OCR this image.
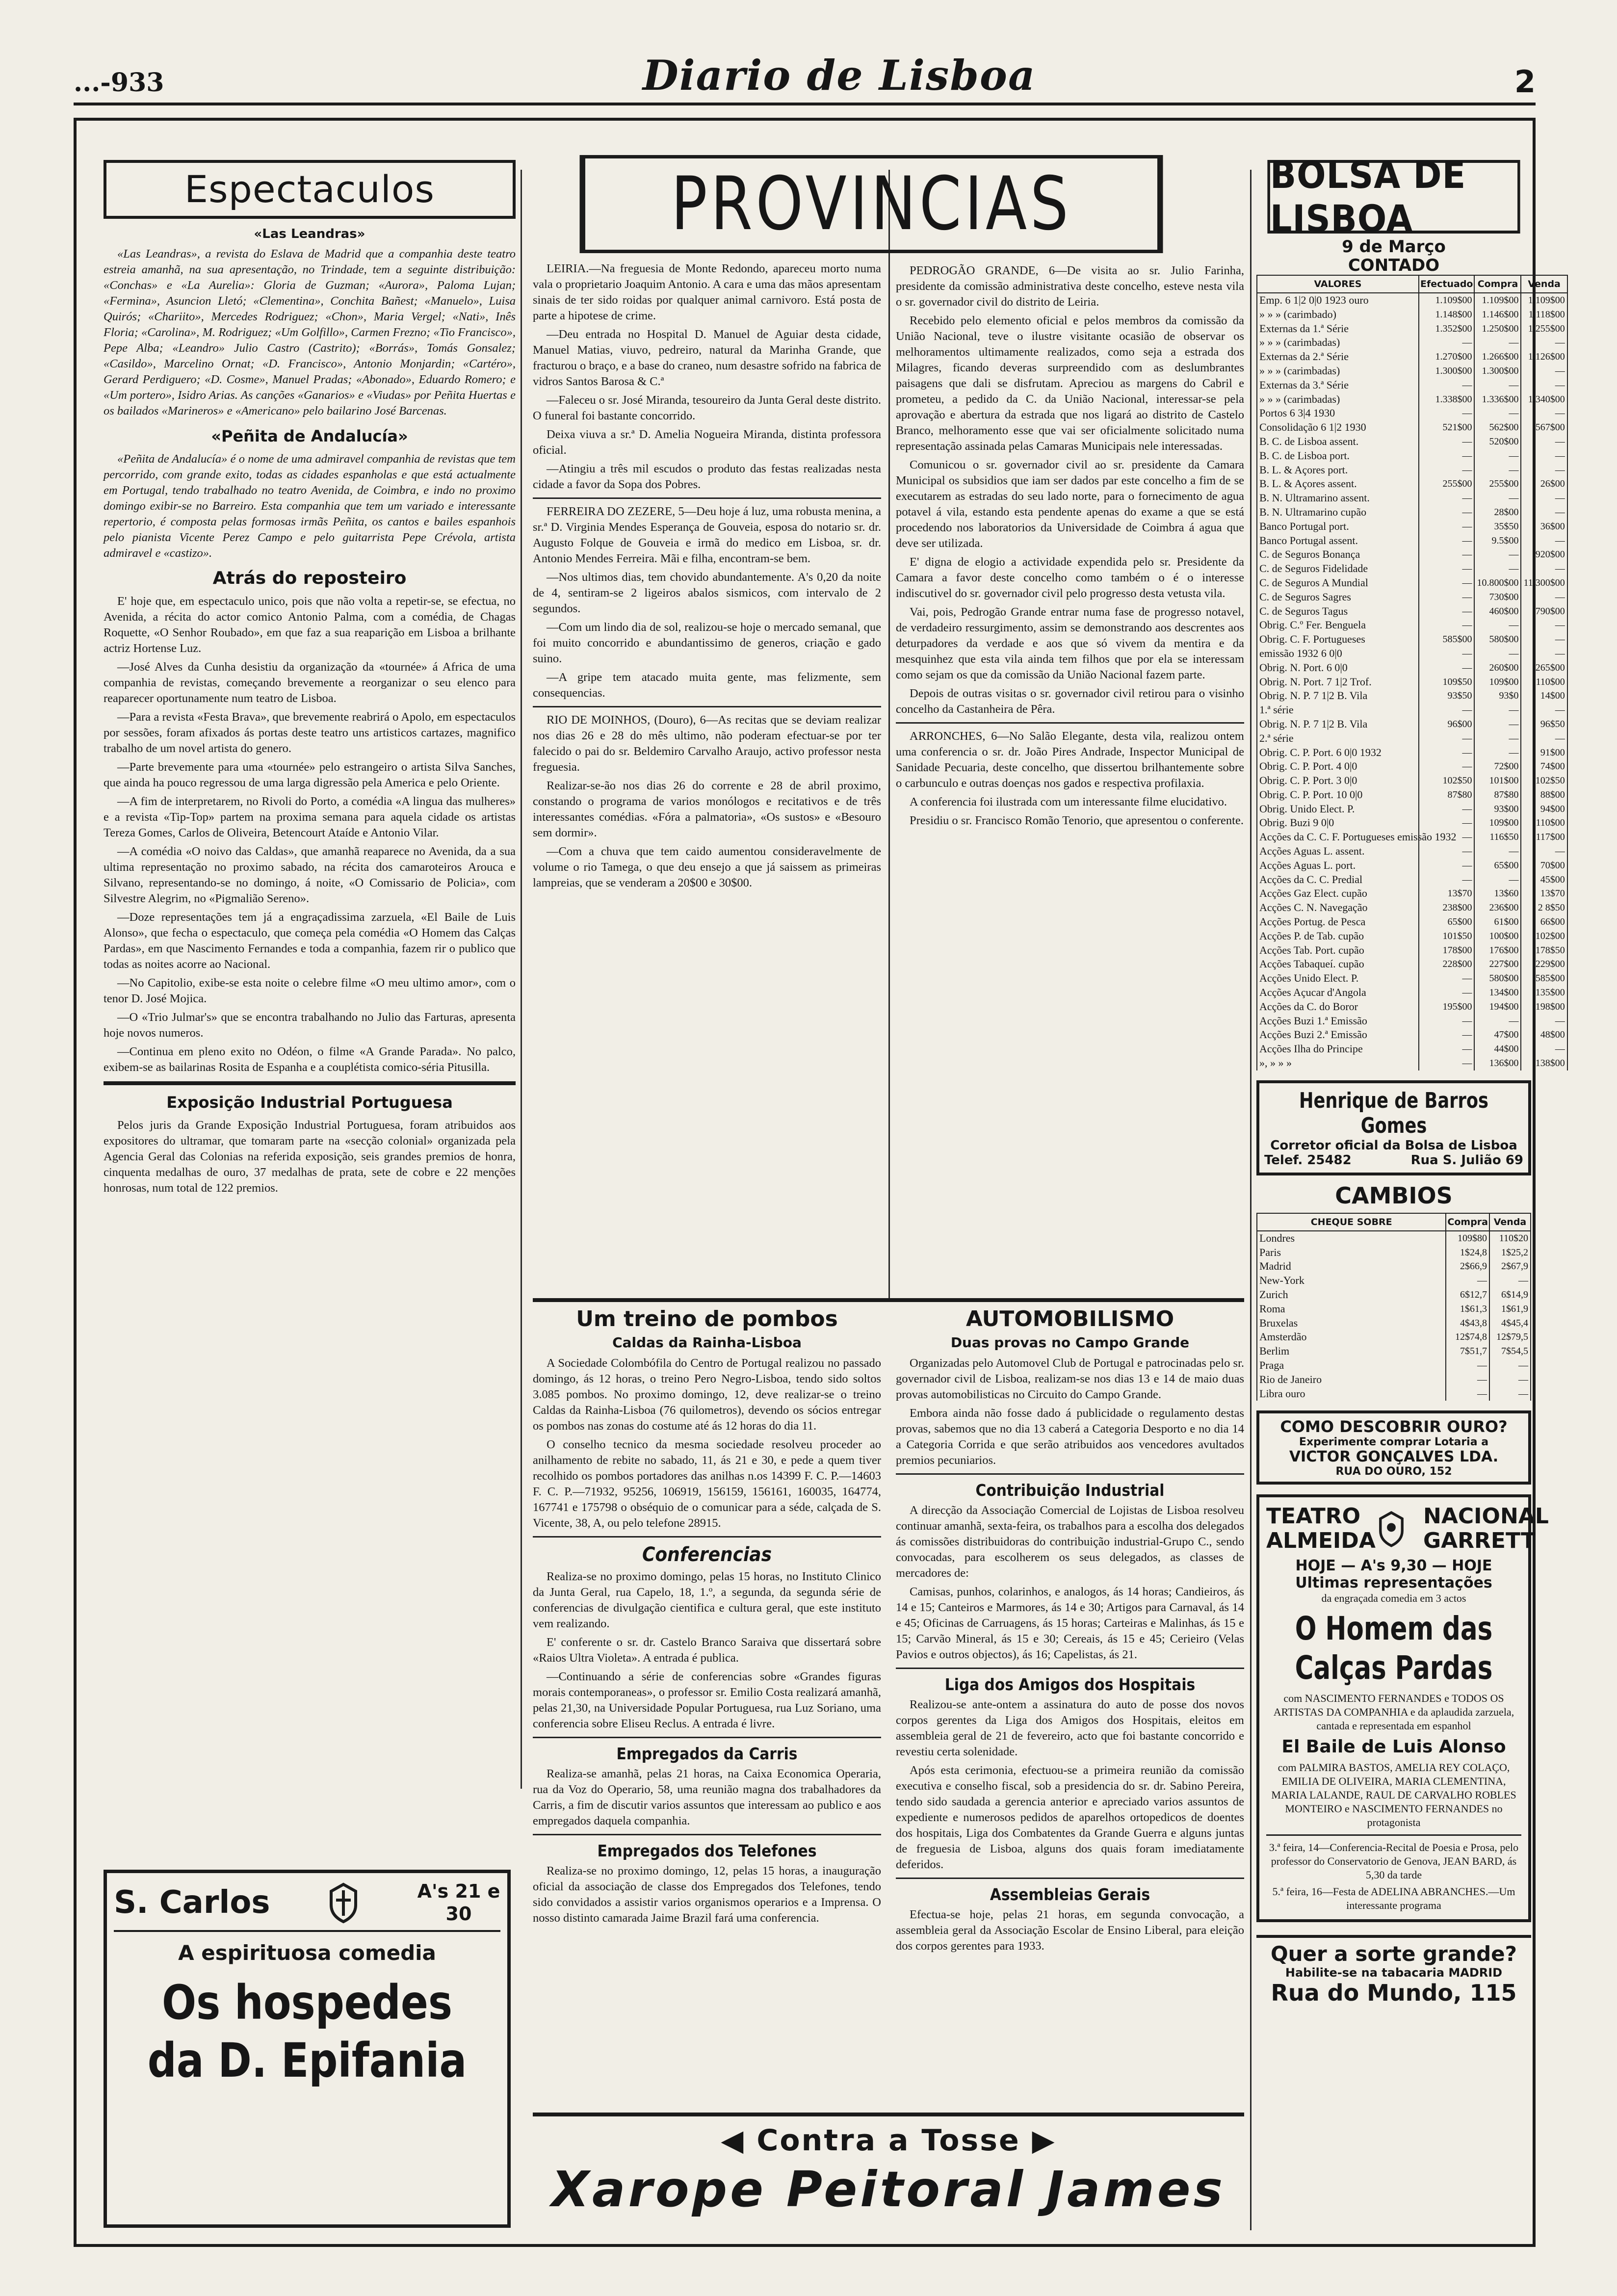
...-933	Diario de Lisboa	2
Espectaculos
«Las Leandras»

«Las Leandras», a revista do Eslava de Madrid que a companhia deste teatro estreia amanhã, na sua apresentação, no Trindade, tem a seguinte distribuição: «Conchas» e «La Aurelia»: Gloria de Guzman; «Aurora», Paloma Lujan; «Fermina», Asuncion Lletó; «Clementina», Conchita Bañest; «Manuelo», Luisa Quirós; «Chariito», Mercedes Rodriguez; «Chon», Maria Vergel; «Nati», Inês Floria; «Carolina», M. Rodriguez; «Um Golfillo», Carmen Frezno; «Tio Francisco», Pepe Alba; «Leandro» Julio Castro (Castrito); «Borrás», Tomás Gonsalez; «Casildo», Marcelino Ornat; «D. Francisco», Antonio Monjardin; «Cartéro», Gerard Perdiguero; «D. Cosme», Manuel Pradas; «Abonado», Eduardo Romero; e «Um portero», Isidro Arias. As canções «Ganarios» e «Viudas» por Peñita Huertas e os bailados «Marineros» e «Americano» pelo bailarino José Barcenas.

«Peñita de Andalucía»

«Peñita de Andalucía» é o nome de uma admiravel companhia de revistas que tem percorrido, com grande exito, todas as cidades espanholas e que está actualmente em Portugal, tendo trabalhado no teatro Avenida, de Coimbra, e indo no proximo domingo exibir-se no Barreiro. Esta companhia que tem um variado e interessante repertorio, é composta pelas formosas irmãs Peñita, os cantos e bailes espanhois pelo pianista Vicente Perez Campo e pelo guitarrista Pepe Crévola, artista admiravel e «castizo».

Atrás do reposteiro

E' hoje que, em espectaculo unico, pois que não volta a repetir-se, se efectua, no Avenida, a récita do actor comico Antonio Palma, com a comédia, de Chagas Roquette, «O Senhor Roubado», em que faz a sua reaparição em Lisboa a brilhante actriz Hortense Luz.

—José Alves da Cunha desistiu da organização da «tournée» á Africa de uma companhia de revistas, começando brevemente a reorganizar o seu elenco para reaparecer oportunamente num teatro de Lisboa.

—Para a revista «Festa Brava», que brevemente reabrirá o Apolo, em espectaculos por sessões, foram afixados ás portas deste teatro uns artisticos cartazes, magnifico trabalho de um novel artista do genero.

—Parte brevemente para uma «tournée» pelo estrangeiro o artista Silva Sanches, que ainda ha pouco regressou de uma larga digressão pela America e pelo Oriente.

—A fim de interpretarem, no Rivoli do Porto, a comédia «A lingua das mulheres» e a revista «Tip-Top» partem na proxima semana para aquela cidade os artistas Tereza Gomes, Carlos de Oliveira, Betencourt Ataíde e Antonio Vilar.

—A comédia «O noivo das Caldas», que amanhã reaparece no Avenida, da a sua ultima representação no proximo sabado, na récita dos camaroteiros Arouca e Silvano, representando-se no domingo, á noite, «O Comissario de Policia», com Silvestre Alegrim, no «Pigmalião Sereno».

—Doze representações tem já a engraçadissima zarzuela, «El Baile de Luis Alonso», que fecha o espectaculo, que começa pela comédia «O Homem das Calças Pardas», em que Nascimento Fernandes e toda a companhia, fazem rir o publico que todas as noites acorre ao Nacional.

—No Capitolio, exibe-se esta noite o celebre filme «O meu ultimo amor», com o tenor D. José Mojica.

—O «Trio Julmar's» que se encontra trabalhando no Julio das Farturas, apresenta hoje novos numeros.

—Continua em pleno exito no Odéon, o filme «A Grande Parada». No palco, exibem-se as bailarinas Rosita de Espanha e a couplétista comico-séria Pitusilla.

Exposição Industrial Portuguesa

Pelos juris da Grande Exposição Industrial Portuguesa, foram atribuidos aos expositores do ultramar, que tomaram parte na «secção colonial» organizada pela Agencia Geral das Colonias na referida exposição, seis grandes premios de honra, cinquenta medalhas de ouro, 37 medalhas de prata, sete de cobre e 22 menções honrosas, num total de 122 premios.

S. Carlos	A's 21 e 30
A espirituosa comedia
Os hospedes da D. Epifania
PROVINCIAS

LEIRIA.—Na freguesia de Monte Redondo, apareceu morto numa vala o proprietario Joaquim Antonio. A cara e uma das mãos apresentam sinais de ter sido roidas por qualquer animal carnivoro. Está posta de parte a hipotese de crime.

—Deu entrada no Hospital D. Manuel de Aguiar desta cidade, Manuel Matias, viuvo, pedreiro, natural da Marinha Grande, que fracturou o braço, e a base do craneo, num desastre sofrido na fabrica de vidros Santos Barosa & C.ª

—Faleceu o sr. José Miranda, tesoureiro da Junta Geral deste distrito. O funeral foi bastante concorrido.

Deixa viuva a sr.ª D. Amelia Nogueira Miranda, distinta professora oficial.

—Atingiu a três mil escudos o produto das festas realizadas nesta cidade a favor da Sopa dos Pobres.

FERREIRA DO ZEZERE, 5—Deu hoje á luz, uma robusta menina, a sr.ª D. Virginia Mendes Esperança de Gouveia, esposa do notario sr. dr. Augusto Folque de Gouveia e irmã do medico em Lisboa, sr. dr. Antonio Mendes Ferreira. Mãi e filha, encontram-se bem.

—Nos ultimos dias, tem chovido abundantemente. A's 0,20 da noite de 4, sentiram-se 2 ligeiros abalos sismicos, com intervalo de 2 segundos.

—Com um lindo dia de sol, realizou-se hoje o mercado semanal, que foi muito concorrido e abundantissimo de generos, criação e gado suino.

—A gripe tem atacado muita gente, mas felizmente, sem consequencias.

RIO DE MOINHOS, (Douro), 6—As recitas que se deviam realizar nos dias 26 e 28 do mês ultimo, não poderam efectuar-se por ter falecido o pai do sr. Beldemiro Carvalho Araujo, activo professor nesta freguesia.

Realizar-se-ão nos dias 26 do corrente e 28 de abril proximo, constando o programa de varios monólogos e recitativos e de três interessantes comédias. «Fóra a palmatoria», «Os sustos» e «Besouro sem dormir».

—Com a chuva que tem caido aumentou consideravelmente de volume o rio Tamega, o que deu ensejo a que já saissem as primeiras lampreias, que se venderam a 20$00 e 30$00.

PEDROGÃO GRANDE, 6—De visita ao sr. Julio Farinha, presidente da comissão administrativa deste concelho, esteve nesta vila o sr. governador civil do distrito de Leiria.

Recebido pelo elemento oficial e pelos membros da comissão da União Nacional, teve o ilustre visitante ocasião de observar os melhoramentos ultimamente realizados, como seja a estrada dos Milagres, ficando deveras surpreendido com as deslumbrantes paisagens que dali se disfrutam. Apreciou as margens do Cabril e prometeu, a pedido da C. da União Nacional, interessar-se pela aprovação e abertura da estrada que nos ligará ao distrito de Castelo Branco, melhoramento esse que vai ser oficialmente solicitado numa representação assinada pelas Camaras Municipais nele interessadas.

Comunicou o sr. governador civil ao sr. presidente da Camara Municipal os subsidios que iam ser dados par este concelho a fim de se executarem as estradas do seu lado norte, para o fornecimento de agua potavel á vila, estando esta pendente apenas do exame a que se está procedendo nos laboratorios da Universidade de Coimbra á agua que deve ser utilizada.

E' digna de elogio a actividade expendida pelo sr. Presidente da Camara a favor deste concelho como também o é o interesse indiscutivel do sr. governador civil pelo progresso desta vetusta vila.

Vai, pois, Pedrogão Grande entrar numa fase de progresso notavel, de verdadeiro ressurgimento, assim se demonstrando aos descrentes aos deturpadores da verdade e aos que só vivem da mentira e da mesquinhez que esta vila ainda tem filhos que por ela se interessam como sejam os que da comissão da União Nacional fazem parte.

Depois de outras visitas o sr. governador civil retirou para o visinho concelho da Castanheira de Pêra.

ARRONCHES, 6—No Salão Elegante, desta vila, realizou ontem uma conferencia o sr. dr. João Pires Andrade, Inspector Municipal de Sanidade Pecuaria, deste concelho, que dissertou brilhantemente sobre o carbunculo e outras doenças nos gados e respectiva profilaxia.

A conferencia foi ilustrada com um interessante filme elucidativo.

Presidiu o sr. Francisco Romão Tenorio, que apresentou o conferente.

Um treino de pombos
Caldas da Rainha-Lisboa

A Sociedade Colombófila do Centro de Portugal realizou no passado domingo, ás 12 horas, o treino Pero Negro-Lisboa, tendo sido soltos 3.085 pombos. No proximo domingo, 12, deve realizar-se o treino Caldas da Rainha-Lisboa (76 quilometros), devendo os sócios entregar os pombos nas zonas do costume até ás 12 horas do dia 11.

O conselho tecnico da mesma sociedade resolveu proceder ao anilhamento de rebite no sabado, 11, ás 21 e 30, e pede a quem tiver recolhido os pombos portadores das anilhas n.os 14399 F. C. P.—14603 F. C. P.—71932, 95256, 106919, 156159, 156161, 160035, 164774, 167741 e 175798 o obséquio de o comunicar para a séde, calçada de S. Vicente, 38, A, ou pelo telefone 28915.

Conferencias

Realiza-se no proximo domingo, pelas 15 horas, no Instituto Clinico da Junta Geral, rua Capelo, 18, 1.º, a segunda, da segunda série de conferencias de divulgação cientifica e cultura geral, que este instituto vem realizando.

E' conferente o sr. dr. Castelo Branco Saraiva que dissertará sobre «Raios Ultra Violeta». A entrada é publica.

—Continuando a série de conferencias sobre «Grandes figuras morais contemporaneas», o professor sr. Emilio Costa realizará amanhã, pelas 21,30, na Universidade Popular Portuguesa, rua Luz Soriano, uma conferencia sobre Eliseu Reclus. A entrada é livre.

Empregados da Carris

Realiza-se amanhã, pelas 21 horas, na Caixa Economica Operaria, rua da Voz do Operario, 58, uma reunião magna dos trabalhadores da Carris, a fim de discutir varios assuntos que interessam ao publico e aos empregados daquela companhia.

Empregados dos Telefones

Realiza-se no proximo domingo, 12, pelas 15 horas, a inauguração oficial da associação de classe dos Empregados dos Telefones, tendo sido convidados a assistir varios organismos operarios e a Imprensa. O nosso distinto camarada Jaime Brazil fará uma conferencia.

AUTOMOBILISMO
Duas provas no Campo Grande

Organizadas pelo Automovel Club de Portugal e patrocinadas pelo sr. governador civil de Lisboa, realizam-se nos dias 13 e 14 de maio duas provas automobilisticas no Circuito do Campo Grande.

Embora ainda não fosse dado á publicidade o regulamento destas provas, sabemos que no dia 13 caberá a Categoria Desporto e no dia 14 a Categoria Corrida e que serão atribuidos aos vencedores avultados premios pecuniarios.

Contribuição Industrial

A direcção da Associação Comercial de Lojistas de Lisboa resolveu continuar amanhã, sexta-feira, os trabalhos para a escolha dos delegados ás comissões distribuidoras do contribuição industrial-Grupo C., sendo convocadas, para escolherem os seus delegados, as classes de mercadores de:

Camisas, punhos, colarinhos, e analogos, ás 14 horas; Candieiros, ás 14 e 15; Canteiros e Marmores, ás 14 e 30; Artigos para Carnaval, ás 14 e 45; Oficinas de Carruagens, ás 15 horas; Carteiras e Malinhas, ás 15 e 15; Carvão Mineral, ás 15 e 30; Cereais, ás 15 e 45; Cerieiro (Velas Pavios e outros objectos), ás 16; Capelistas, ás 21.

Liga dos Amigos dos Hospitais

Realizou-se ante-ontem a assinatura do auto de posse dos novos corpos gerentes da Liga dos Amigos dos Hospitais, eleitos em assembleia geral de 21 de fevereiro, acto que foi bastante concorrido e revestiu certa solenidade.

Após esta cerimonia, efectuou-se a primeira reunião da comissão executiva e conselho fiscal, sob a presidencia do sr. dr. Sabino Pereira, tendo sido saudada a gerencia anterior e apreciado varios assuntos de expediente e numerosos pedidos de aparelhos ortopedicos de doentes dos hospitais, Liga dos Combatentes da Grande Guerra e alguns juntas de freguesia de Lisboa, alguns dos quais foram imediatamente deferidos.

Assembleias Gerais

Efectua-se hoje, pelas 21 horas, em segunda convocação, a assembleia geral da Associação Escolar de Ensino Liberal, para eleição dos corpos gerentes para 1933.

◀ Contra a Tosse ▶
Xarope Peitoral James
BOLSA DE LISBOA
9 de Março
CONTADO
VALORES	Efectuado	Compra	Venda
Emp. 6 1|2 0|0 1923 ouro	1.109$00	1.109$00	1.109$00
» » » (carimbado)	1.148$00	1.146$00	1.118$00
Externas da 1.ª Série	1.352$00	1.250$00	1.255$00
» » » (carimbadas)	—	—	—
Externas da 2.ª Série	1.270$00	1.266$00	1.126$00
» » » (carimbadas)	1.300$00	1.300$00	—
Externas da 3.ª Série	—	—	—
» » » (carimbadas)	1.338$00	1.336$00	1.340$00
Portos 6 3|4 1930	—	—	—
Consolidação 6 1|2 1930	521$00	562$00	567$00
B. C. de Lisboa assent.	—	520$00	—
B. C. de Lisboa port.	—	—	—
B. L. & Açores port.	—	—	—
B. L. & Açores assent.	255$00	255$00	26$00
B. N. Ultramarino assent.	—	—	—
B. N. Ultramarino cupão	—	28$00	—
Banco Portugal port.	—	35$50	36$00
Banco Portugal assent.	—	9.5$00	—
C. de Seguros Bonança	—	—	920$00
C. de Seguros Fidelidade	—	—	—
C. de Seguros A Mundial	—	10.800$00	11.300$00
C. de Seguros Sagres	—	730$00	—
C. de Seguros Tagus	—	460$00	790$00
Obrig. C.º Fer. Benguela	—	—	—
Obrig. C. F. Portugueses	585$00	580$00	—
emissão 1932 6 0|0	—	—	—
Obrig. N. Port. 6 0|0	—	260$00	265$00
Obrig. N. Port. 7 1|2 Trof.	109$50	109$00	110$00
Obrig. N. P. 7 1|2 B. Vila	93$50	93$0	14$00
1.ª série	—	—	—
Obrig. N. P. 7 1|2 B. Vila	96$00	—	96$50
2.ª série	—	—	—
Obrig. C. P. Port. 6 0|0 1932	—	—	91$00
Obrig. C. P. Port. 4 0|0	—	72$00	74$00
Obrig. C. P. Port. 3 0|0	102$50	101$00	102$50
Obrig. C. P. Port. 10 0|0	87$80	87$80	88$00
Obrig. Unido Elect. P.	—	93$00	94$00
Obrig. Buzi 9 0|0	—	109$00	110$00
Acções da C. C. F. Portugueses emissão 1932	—	116$50	117$00
Acções Aguas L. assent.	—	—	—
Acções Aguas L. port.	—	65$00	70$00
Acções da C. C. Predial	—	—	45$00
Acções Gaz Elect. cupão	13$70	13$60	13$70
Acções C. N. Navegação	238$00	236$00	2 8$50
Acções Portug. de Pesca	65$00	61$00	66$00
Acções P. de Tab. cupão	101$50	100$00	102$00
Acções Tab. Port. cupão	178$00	176$00	178$50
Acções Tabaqueí. cupão	228$00	227$00	229$00
Acções Unido Elect. P.	—	580$00	585$00
Acções Açucar d'Angola	—	134$00	135$00
Acções da C. do Boror	195$00	194$00	198$00
Acções Buzi 1.ª Emissão	—	—	—
Acções Buzi 2.ª Emissão	—	47$00	48$00
Acções Ilha do Principe	—	44$00	—
», » » »	—	136$00	138$00
Henrique de Barros Gomes
Corretor oficial da Bolsa de Lisboa
Telef. 25482	Rua S. Julião 69
CAMBIOS
CHEQUE SOBRE	Compra	Venda
Londres	109$80	110$20
Paris	1$24,8	1$25,2
Madrid	2$66,9	2$67,9
New-York	—	—
Zurich	6$12,7	6$14,9
Roma	1$61,3	1$61,9
Bruxelas	4$43,8	4$45,4
Amsterdão	12$74,8	12$79,5
Berlim	7$51,7	7$54,5
Praga	—	—
Rio de Janeiro	—	—
Libra ouro	—	—
COMO DESCOBRIR OURO?
Experimente comprar Lotaria a
VICTOR GONÇALVES LDA.
RUA DO OURO, 152
TEATRO ALMEIDA
NACIONAL GARRETT
HOJE — A's 9,30 — HOJE
Ultimas representações
da engraçada comedia em 3 actos
O Homem das Calças Pardas
com NASCIMENTO FERNANDES e TODOS OS ARTISTAS DA COMPANHIA e da aplaudida zarzuela, cantada e representada em espanhol
El Baile de Luis Alonso
com PALMIRA BASTOS, AMELIA REY COLAÇO, EMILIA DE OLIVEIRA, MARIA CLEMENTINA, MARIA LALANDE, RAUL DE CARVALHO ROBLES MONTEIRO e NASCIMENTO FERNANDES no protagonista
3.ª feira, 14—Conferencia-Recital de Poesia e Prosa, pelo professor do Conservatorio de Genova, JEAN BARD, ás 5,30 da tarde
5.ª feira, 16—Festa de ADELINA ABRANCHES.—Um interessante programa
Quer a sorte grande?
Habilite-se na tabacaria MADRID
Rua do Mundo, 115
